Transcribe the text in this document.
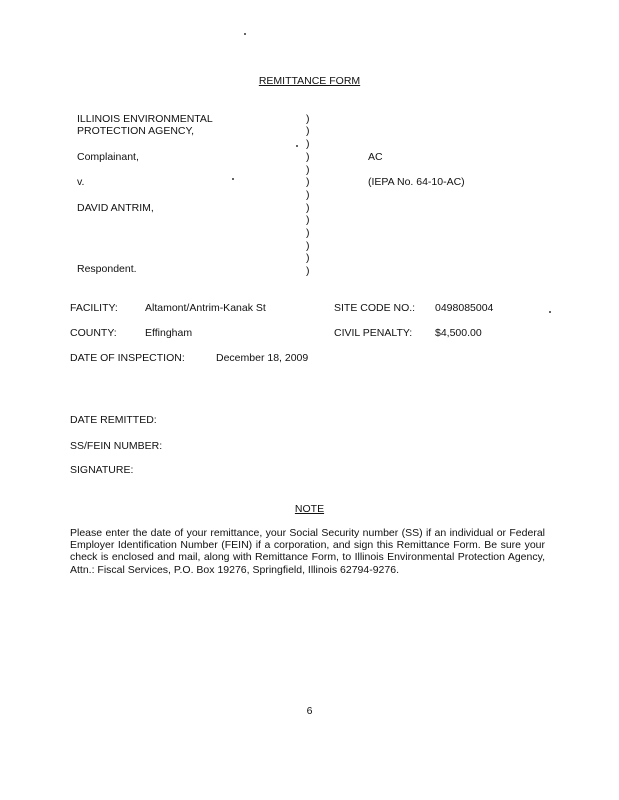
REMITTANCE FORM
ILLINOIS ENVIRONMENTAL
PROTECTION AGENCY,
Complainant,
v.
DAVID ANTRIM,
Respondent.
AC
(IEPA No. 64-10-AC)
)
)
)
)
)
)
)
)
)
)
)
)
)
FACILITY:	Altamont/Antrim-Kanak St	SITE CODE NO.: 0498085004
COUNTY:	Effingham	CIVIL PENALTY: $4,500.00
DATE OF INSPECTION:	December 18, 2009
DATE REMITTED:
SS/FEIN NUMBER:
SIGNATURE:
NOTE
Please enter the date of your remittance, your Social Security number (SS) if an individual or Federal Employer Identification Number (FEIN) if a corporation, and sign this Remittance Form. Be sure your check is enclosed and mail, along with Remittance Form, to Illinois Environmental Protection Agency, Attn.: Fiscal Services, P.O. Box 19276, Springfield, Illinois 62794-9276.
6
